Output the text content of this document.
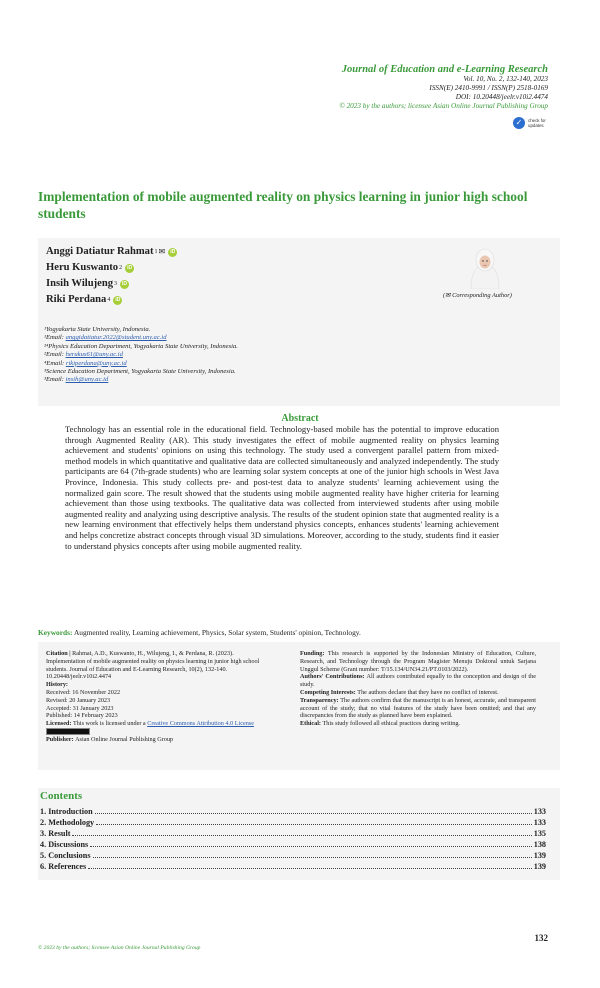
Journal of Education and e-Learning Research
Vol. 10, No. 2, 132-140, 2023
ISSN(E) 2410-9991 / ISSN(P) 2518-0169
DOI: 10.20448/jeelr.v10i2.4474
© 2023 by the authors; licensee Asian Online Journal Publishing Group
✓	check for updates
Implementation of mobile augmented reality on physics learning in junior high school students
Anggi Datiatur Rahmat 1 ✉	iD
Heru Kuswanto 2	iD
Insih Wilujeng 3	iD
Riki Perdana 4	iD
(✉ Corresponding Author)
¹Yogyakarta State University, Indonesia.
¹Email: anggidatiatur.2022@student.uny.ac.id
²⁴Physics Education Department, Yogyakarta State University, Indonesia.
²Email: herukus61@uny.ac.id
⁴Email: rikiperdana@uny.ac.id
³Science Education Department, Yogyakarta State University, Indonesia.
³Email: insih@uny.ac.id
Abstract
Technology has an essential role in the educational field. Technology-based mobile has the potential to improve education through Augmented Reality (AR). This study investigates the effect of mobile augmented reality on physics learning achievement and students' opinions on using this technology. The study used a convergent parallel pattern from mixed-method models in which quantitative and qualitative data are collected simultaneously and analyzed independently. The study participants are 64 (7th-grade students) who are learning solar system concepts at one of the junior high schools in West Java Province, Indonesia. This study collects pre- and post-test data to analyze students' learning achievement using the normalized gain score. The result showed that the students using mobile augmented reality have higher criteria for learning achievement than those using textbooks. The qualitative data was collected from interviewed students after using mobile augmented reality and analyzing using descriptive analysis. The results of the student opinion state that augmented reality is a new learning environment that effectively helps them understand physics concepts, enhances students' learning achievement and helps concretize abstract concepts through visual 3D simulations. Moreover, according to the study, students find it easier to understand physics concepts after using mobile augmented reality.
Keywords: Augmented reality, Learning achievement, Physics, Solar system, Students' opinion, Technology.
Citation | Rahmat, A.D., Kuswanto, H., Wilujeng, I., & Perdana, R. (2023). Implementation of mobile augmented reality on physics learning in junior high school students. Journal of Education and E-Learning Research, 10(2), 132-140. 10.20448/jeelr.v10i2.4474
History:
Received: 16 November 2022
Revised: 20 January 2023
Accepted: 31 January 2023
Published: 14 February 2023
Licensed: This work is licensed under a Creative Commons Attribution 4.0 License
Publisher: Asian Online Journal Publishing Group
Funding: This research is supported by the Indonesian Ministry of Education, Culture, Research, and Technology through the Program Magister Menuju Doktoral untuk Sarjana Unggul Scheme (Grant number: T/15.134/UN34.21/PT.0103/2022).
Authors' Contributions: All authors contributed equally to the conception and design of the study.
Competing Interests: The authors declare that they have no conflict of interest.
Transparency: The authors confirm that the manuscript is an honest, accurate, and transparent account of the study; that no vital features of the study have been omitted; and that any discrepancies from the study as planned have been explained.
Ethical: This study followed all ethical practices during writing.
Contents
1. Introduction	133
2. Methodology	133
3. Result	135
4. Discussions	138
5. Conclusions	139
6. References	139
132
© 2023 by the authors; licensee Asian Online Journal Publishing Group
